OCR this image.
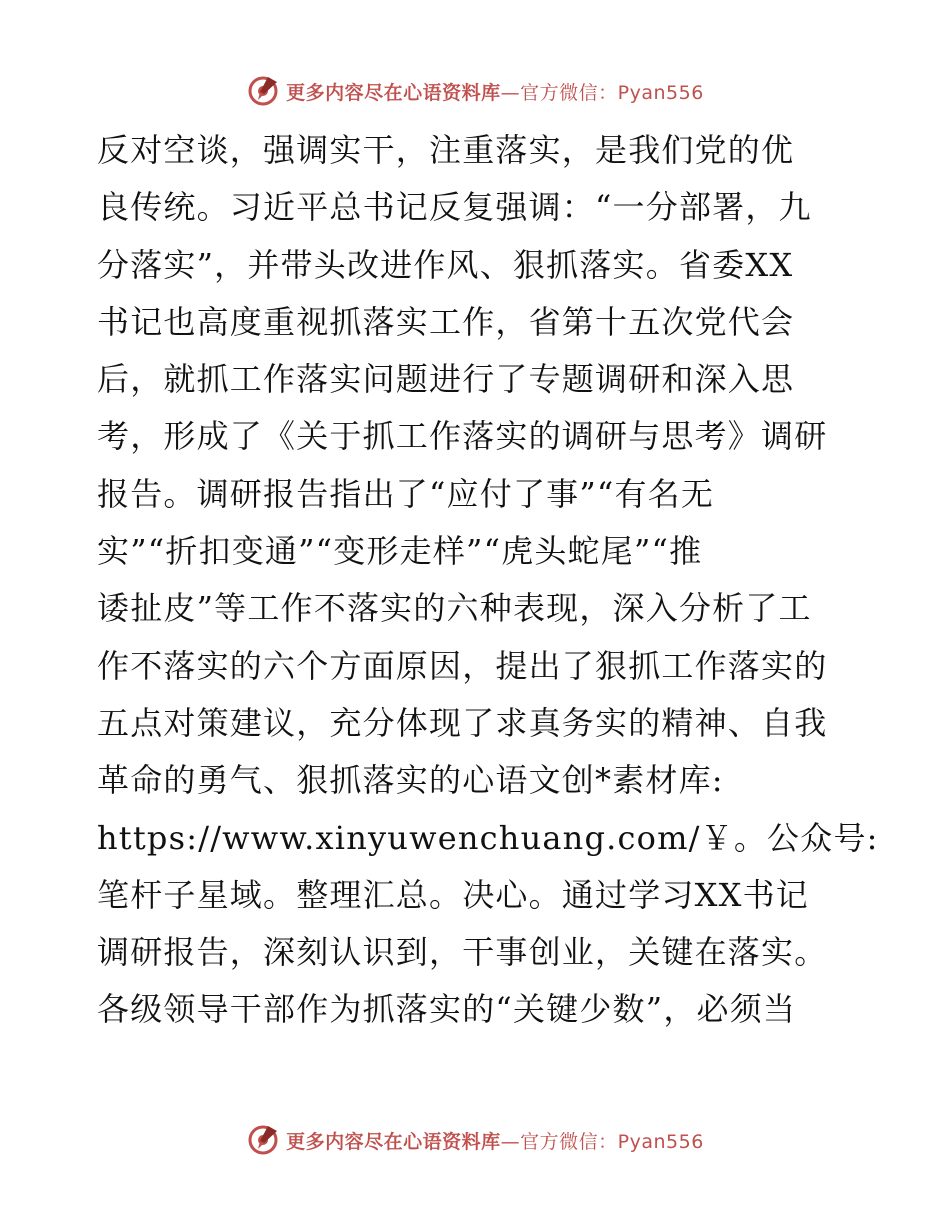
更多内容尽在心语资料库—官方微信：Pyan556
反对空谈，强调实干，注重落实，是我们党的优
良传统。习近平总书记反复强调：“一分部署，九
分落实”，并带头改进作风、狠抓落实。省委XX
书记也高度重视抓落实工作，省第十五次党代会
后，就抓工作落实问题进行了专题调研和深入思
考，形成了《关于抓工作落实的调研与思考》调研
报告。调研报告指出了“应付了事”“有名无
实”“折扣变通”“变形走样”“虎头蛇尾”“推
诿扯皮”等工作不落实的六种表现，深入分析了工
作不落实的六个方面原因，提出了狠抓工作落实的
五点对策建议，充分体现了求真务实的精神、自我
革命的勇气、狠抓落实的心语文创*素材库:
https://www.xinyuwenchuang.com/￥。公众号:
笔杆子星域。整理汇总。决心。通过学习XX书记
调研报告，深刻认识到，干事创业，关键在落实。
各级领导干部作为抓落实的“关键少数”，必须当
更多内容尽在心语资料库—官方微信：Pyan556
